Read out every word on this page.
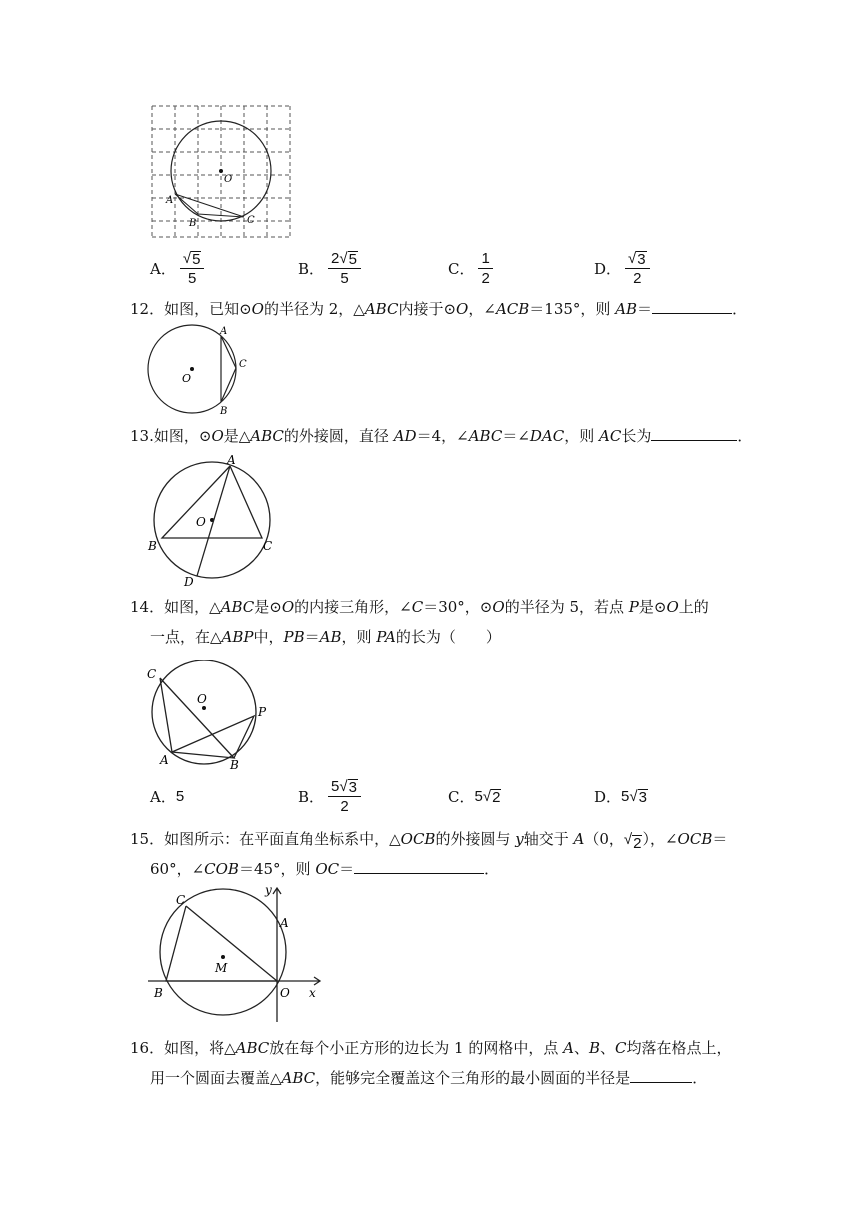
O
A
B	C
A． $\frac{√ 5}{5}$	B． $\frac{2 √ 5}{5}$	C． $\frac{1}{2}$	D． $\frac{√ 3}{2}$
12．如图，已知⊙O的半径为 2，△ABC内接于⊙O，∠ACB＝135°，则 AB＝	．
A
C
B
O
13.如图，⊙O是△ABC的外接圆，直径 AD＝4，∠ABC＝∠DAC，则 AC长为	．
A
O
B	C
D
14．如图，△ABC是⊙O的内接三角形，∠C＝30°，⊙O的半径为 5，若点 P是⊙O上的
一点，在△ABP中，PB＝AB，则 PA的长为（　　）
C
O
P
A	B
A． 5	B． $\frac{5 √ 3}{2}$	C． 5 √ 2	D． 5 √ 3
15．如图所示：在平面直角坐标系中，△OCB的外接圆与 y轴交于 A（0， √ 2 ），∠OCB＝
60°，∠COB＝45°，则 OC＝	．
C
y
A
M
B	O x
16．如图，将△ABC放在每个小正方形的边长为 1 的网格中，点 A、B、C均落在格点上，
用一个圆面去覆盖△ABC，能够完全覆盖这个三角形的最小圆面的半径是	．
